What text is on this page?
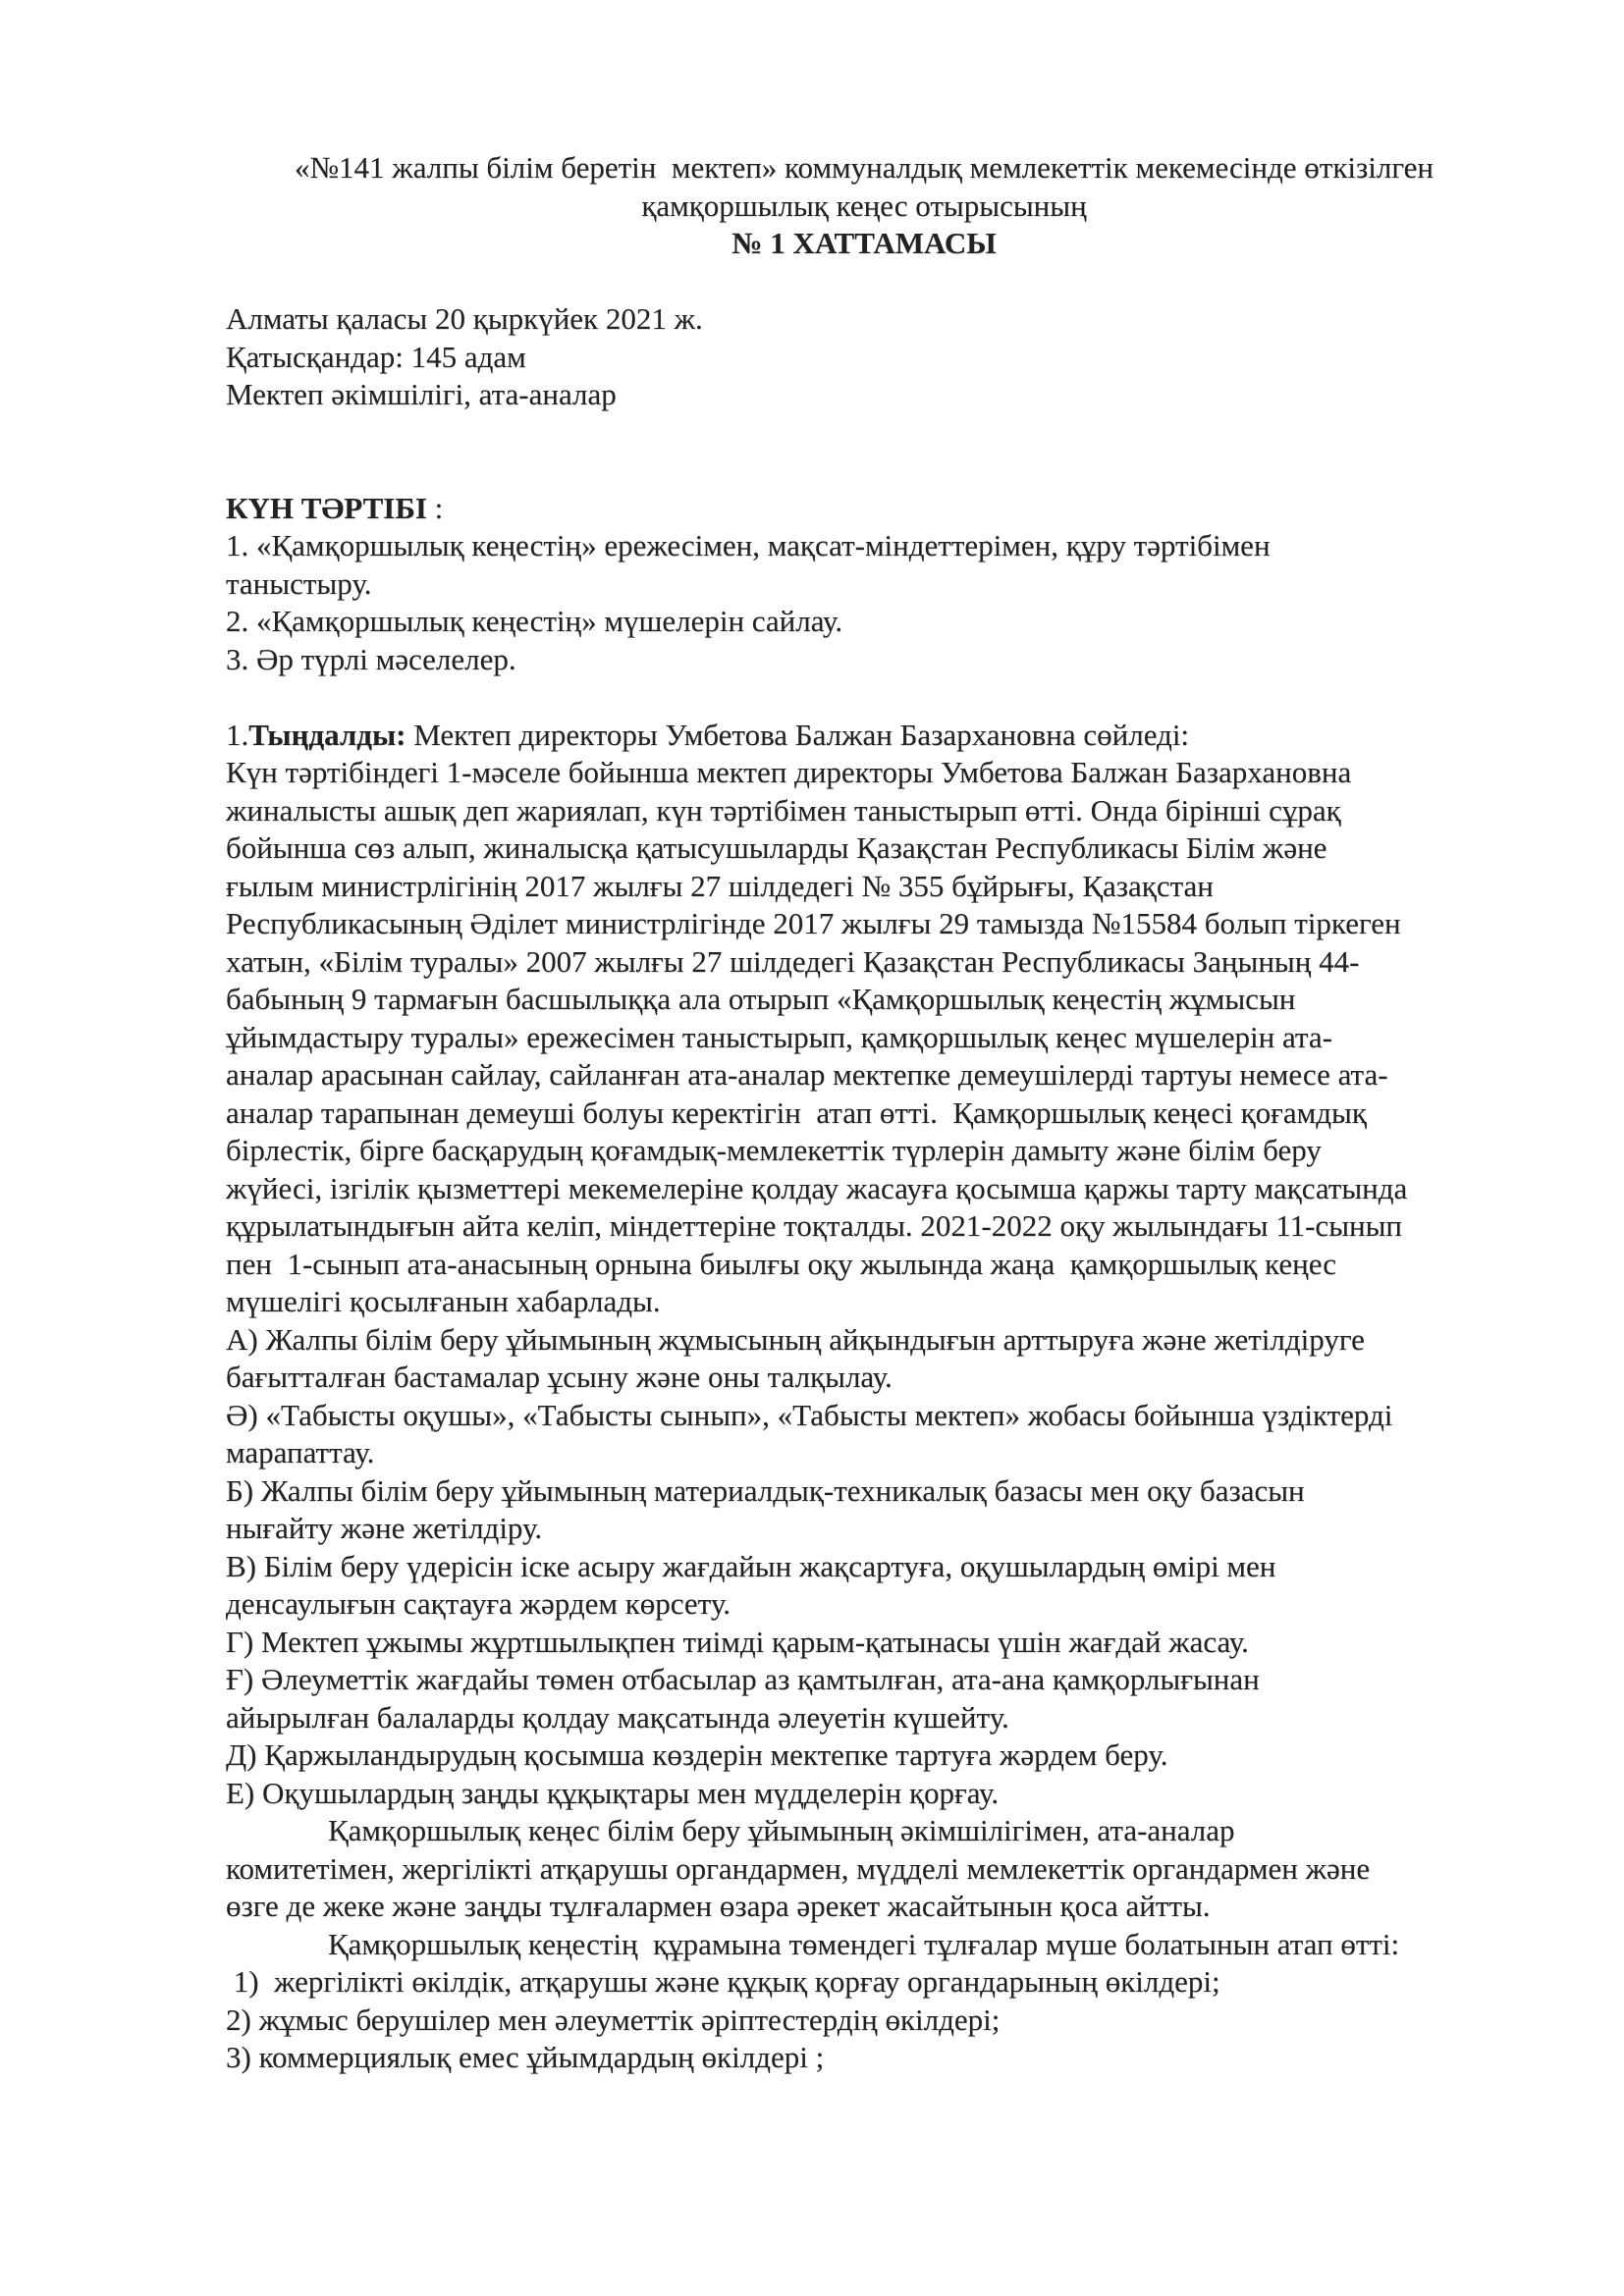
«№141 жалпы білім беретін  мектеп» коммуналдық мемлекеттік мекемесінде өткізілген
қамқоршылық кеңес отырысының
№ 1 ХАТТАМАСЫ
Алматы қаласы 20 қыркүйек 2021 ж.
Қатысқандар: 145 адам
Мектеп әкімшілігі, ата-аналар
КҮН ТӘРТІБІ :
1. «Қамқоршылық кеңестің» ережесімен, мақсат-міндеттерімен, құру тәртібімен
таныстыру.
2. «Қамқоршылық кеңестің» мүшелерін сайлау.
3. Әр түрлі мәселелер.
1.Тыңдалды: Мектеп директоры Умбетова Балжан Базархановна сөйледі:
Күн тәртібіндегі 1-мәселе бойынша мектеп директоры Умбетова Балжан Базархановна
жиналысты ашық деп жариялап, күн тәртібімен таныстырып өтті. Онда бірінші сұрақ
бойынша сөз алып, жиналысқа қатысушыларды Қазақстан Республикасы Білім және
ғылым министрлігінің 2017 жылғы 27 шілдедегі № 355 бұйрығы, Қазақстан
Республикасының Әділет министрлігінде 2017 жылғы 29 тамызда №15584 болып тіркеген
хатын, «Білім туралы» 2007 жылғы 27 шілдедегі Қазақстан Республикасы Заңының 44-
бабының 9 тармағын басшылыққа ала отырып «Қамқоршылық кеңестің жұмысын
ұйымдастыру туралы» ережесімен таныстырып, қамқоршылық кеңес мүшелерін ата-
аналар арасынан сайлау, сайланған ата-аналар мектепке демеушілерді тартуы немесе ата-
аналар тарапынан демеуші болуы керектігін  атап өтті.  Қамқоршылық кеңесі қоғамдық
бірлестік, бірге басқарудың қоғамдық-мемлекеттік түрлерін дамыту және білім беру
жүйесі, ізгілік қызметтері мекемелеріне қолдау жасауға қосымша қаржы тарту мақсатында
құрылатындығын айта келіп, міндеттеріне тоқталды. 2021-2022 оқу жылындағы 11-сынып
пен  1-сынып ата-анасының орнына биылғы оқу жылында жаңа  қамқоршылық кеңес
мүшелігі қосылғанын хабарлады.
А) Жалпы білім беру ұйымының жұмысының айқындығын арттыруға және жетілдіруге
бағытталған бастамалар ұсыну және оны талқылау.
Ә) «Табысты оқушы», «Табысты сынып», «Табысты мектеп» жобасы бойынша үздіктерді
марапаттау.
Б) Жалпы білім беру ұйымының материалдық-техникалық базасы мен оқу базасын
нығайту және жетілдіру.
В) Білім беру үдерісін іске асыру жағдайын жақсартуға, оқушылардың өмірі мен
денсаулығын сақтауға жәрдем көрсету.
Г) Мектеп ұжымы жұртшылықпен тиімді қарым-қатынасы үшін жағдай жасау.
Ғ) Әлеуметтік жағдайы төмен отбасылар аз қамтылған, ата-ана қамқорлығынан
айырылған балаларды қолдау мақсатында әлеуетін күшейту.
Д) Қаржыландырудың қосымша көздерін мектепке тартуға жәрдем беру.
Е) Оқушылардың заңды құқықтары мен мүдделерін қорғау.
Қамқоршылық кеңес білім беру ұйымының әкімшілігімен, ата-аналар
комитетімен, жергілікті атқарушы органдармен, мүдделі мемлекеттік органдармен және
өзге де жеке және заңды тұлғалармен өзара әрекет жасайтынын қоса айтты.
Қамқоршылық кеңестің  құрамына төмендегі тұлғалар мүше болатынын атап өтті:
1)  жергілікті өкілдік, атқарушы және құқық қорғау органдарының өкілдері;
2) жұмыс берушілер мен әлеуметтік әріптестердің өкілдері;
3) коммерциялық емес ұйымдардың өкілдері ;
